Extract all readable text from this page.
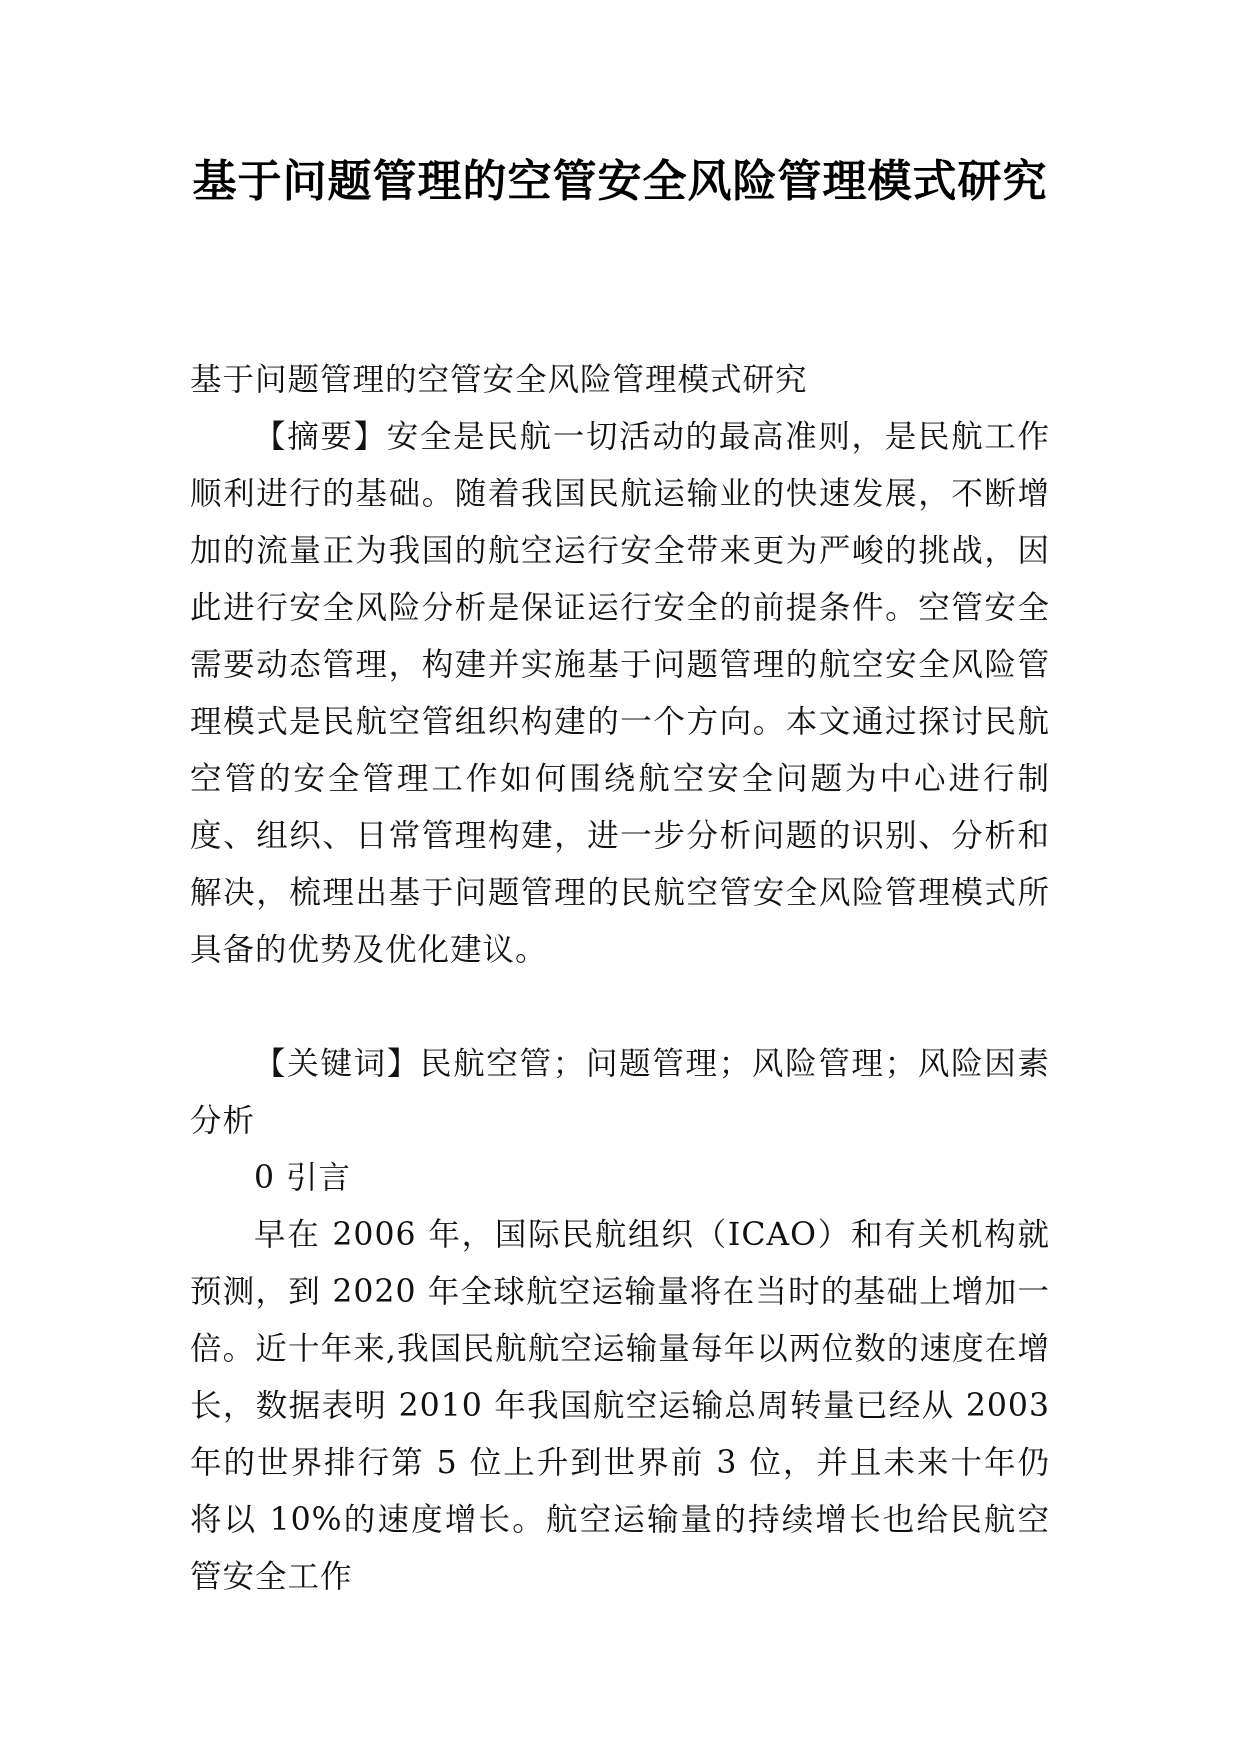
基于问题管理的空管安全风险管理模式研究

基于问题管理的空管安全风险管理模式研究

【摘要】安全是民航一切活动的最高准则，是民航工作顺利进行的基础。随着我国民航运输业的快速发展，不断增加的流量正为我国的航空运行安全带来更为严峻的挑战，因此进行安全风险分析是保证运行安全的前提条件。空管安全需要动态管理，构建并实施基于问题管理的航空安全风险管理模式是民航空管组织构建的一个方向。本文通过探讨民航空管的安全管理工作如何围绕航空安全问题为中心进行制度、组织、日常管理构建，进一步分析问题的识别、分析和解决，梳理出基于问题管理的民航空管安全风险管理模式所具备的优势及优化建议。

【关键词】民航空管；问题管理；风险管理；风险因素分析

0 引言

早在 2006 年，国际民航组织（ICAO）和有关机构就预测，到 2020 年全球航空运输量将在当时的基础上增加一倍。近十年来,我国民航航空运输量每年以两位数的速度在增长，数据表明 2010 年我国航空运输总周转量已经从 2003 年的世界排行第 5 位上升到世界前 3 位，并且未来十年仍将以 10%的速度增长。航空运输量的持续增长也给民航空管安全工作
